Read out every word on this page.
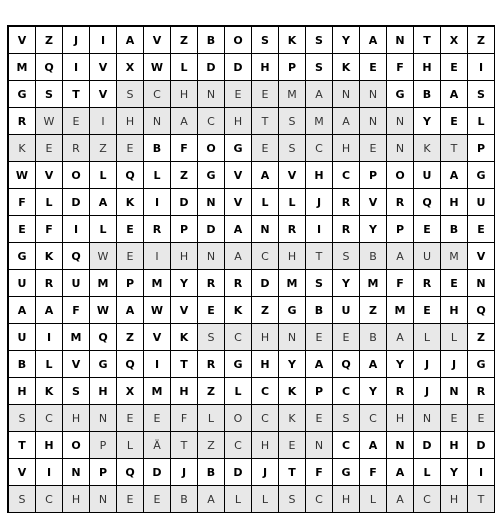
V	Z	J	I	A	V	Z	B	O	S	K	S	Y	A	N	T	X	Z
M	Q	I	V	X	W	L	D	D	H	P	S	K	E	F	H	E	I
G	S	T	V	S	C	H	N	E	E	M	A	N	N	G	B	A	S
R	W	E	I	H	N	A	C	H	T	S	M	A	N	N	Y	E	L
K	E	R	Z	E	B	F	O	G	E	S	C	H	E	N	K	T	P
W	V	O	L	Q	L	Z	G	V	A	V	H	C	P	O	U	A	G
F	L	D	A	K	I	D	N	V	L	L	J	R	V	R	Q	H	U
E	F	I	L	E	R	P	D	A	N	R	I	R	Y	P	E	B	E
G	K	Q	W	E	I	H	N	A	C	H	T	S	B	A	U	M	V
U	R	U	M	P	M	Y	R	R	D	M	S	Y	M	F	R	E	N
A	A	F	W	A	W	V	E	K	Z	G	B	U	Z	M	E	H	Q
U	I	M	Q	Z	V	K	S	C	H	N	E	E	B	A	L	L	Z
B	L	V	G	Q	I	T	R	G	H	Y	A	Q	A	Y	J	J	G
H	K	S	H	X	M	H	Z	L	C	K	P	C	Y	R	J	N	R
S	C	H	N	E	E	F	L	O	C	K	E	S	C	H	N	E	E
T	H	O	P	L	Ä	T	Z	C	H	E	N	C	A	N	D	H	D
V	I	N	P	Q	D	J	B	D	J	T	F	G	F	A	L	Y	I
S	C	H	N	E	E	B	A	L	L	S	C	H	L	A	C	H	T
